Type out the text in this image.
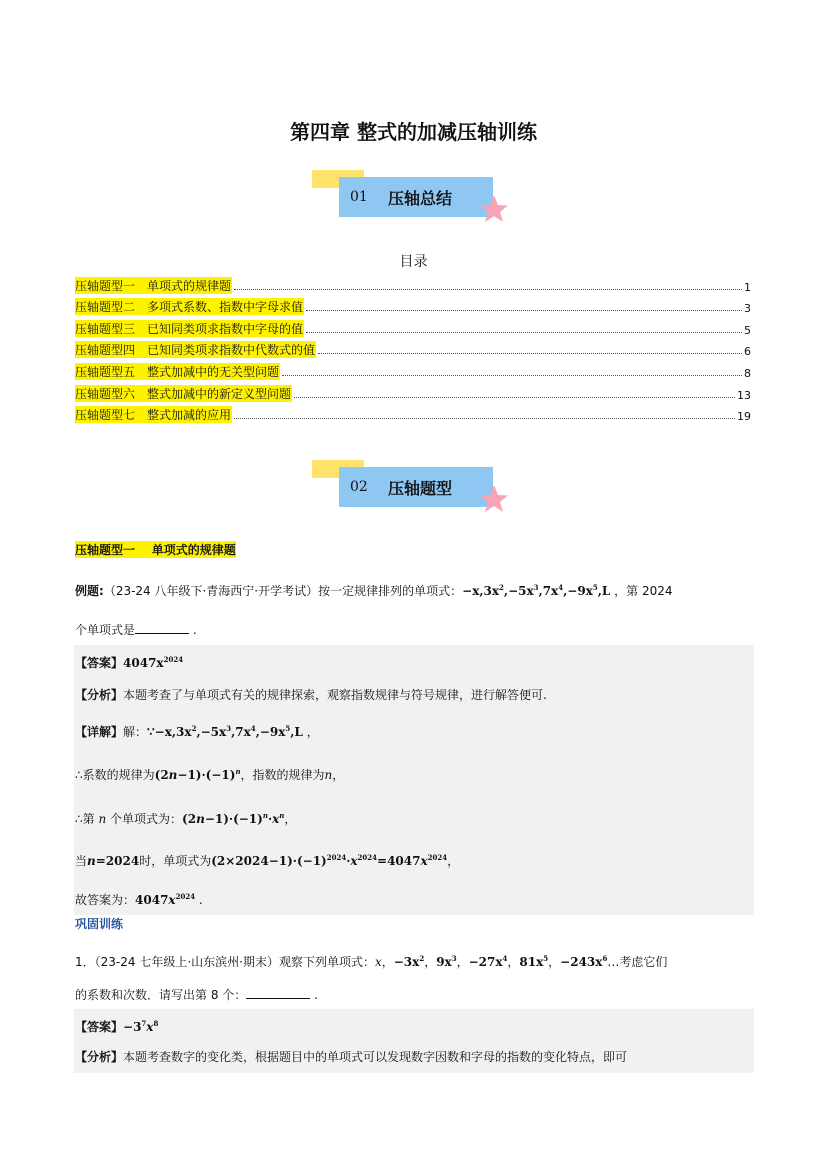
第四章 整式的加减压轴训练
01	压轴总结
目录
压轴题型一 单项式的规律题	1
压轴题型二 多项式系数、指数中字母求值	3
压轴题型三 已知同类项求指数中字母的值	5
压轴题型四 已知同类项求指数中代数式的值	6
压轴题型五 整式加减中的无关型问题	8
压轴题型六 整式加减中的新定义型问题	13
压轴题型七 整式加减的应用	19
02	压轴题型
压轴题型一    单项式的规律题
例题:（23-24 八年级下·青海西宁·开学考试）按一定规律排列的单项式：$-x,3x^2,-5x^3,7x^4,-9x^5,L$ ，第 2024
个单项式是	.
【答案】$4047x^{2024}$
【分析】本题考查了与单项式有关的规律探索，观察指数规律与符号规律，进行解答便可.
【详解】解：$\because-x,3x^2,-5x^3,7x^4,-9x^5,L$ ，
∴系数的规律为$(2n-1)\cdot(-1)^n$，指数的规律为n，
∴第 n 个单项式为：$(2n-1)\cdot(-1)^n\cdot x^n$，
当n=2024时，单项式为$(2\times 2024-1)\cdot(-1)^{2024}\cdot x^{2024}=4047x^{2024}$，
故答案为：$4047x^{2024}$ .
巩固训练
1．（23-24 七年级上·山东滨州·期末）观察下列单项式：x，$-3x^2$，$9x^3$，$-27x^4$，$81x^5$，$-243x^6\dots$考虑它们
的系数和次数．请写出第 8 个：	.
【答案】$-3^7x^8$
【分析】本题考查数字的变化类，根据题目中的单项式可以发现数字因数和字母的指数的变化特点，即可
